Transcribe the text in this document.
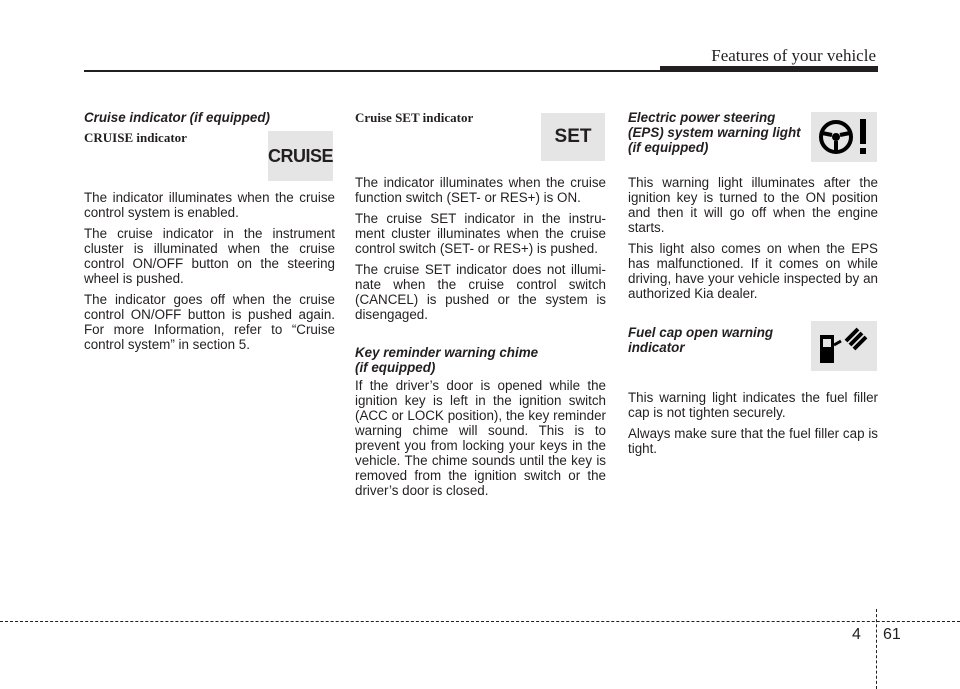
Features of your vehicle

Cruise indicator (if equipped)

CRUISE indicator

The indicator illuminates when the cruise control system is enabled.

The cruise indicator in the instrument cluster is illuminated when the cruise control ON/OFF button on the steering wheel is pushed.

The indicator goes off when the cruise control ON/OFF button is pushed again. For more Information, refer to “Cruise control system” in section 5.

CRUISE

Cruise SET indicator

The indicator illuminates when the cruise function switch (SET- or RES+) is ON.

The cruise SET indicator in the instru-ment cluster illuminates when the cruise control switch (SET- or RES+) is pushed.

The cruise SET indicator does not illumi-nate when the cruise control switch (CANCEL) is pushed or the system is disengaged.

Key reminder warning chime
(if equipped)

If the driver’s door is opened while the ignition key is left in the ignition switch (ACC or LOCK position), the key reminder warning chime will sound. This is to prevent you from locking your keys in the vehicle. The chime sounds until the key is removed from the ignition switch or the driver’s door is closed.

SET

Electric power steering
(EPS) system warning light
(if equipped)

This warning light illuminates after the ignition key is turned to the ON position and then it will go off when the engine starts.

This light also comes on when the EPS has malfunctioned. If it comes on while driving, have your vehicle inspected by an authorized Kia dealer.

Fuel cap open warning
indicator

This warning light indicates the fuel filler cap is not tighten securely.

Always make sure that the fuel filler cap is tight.

4 61
